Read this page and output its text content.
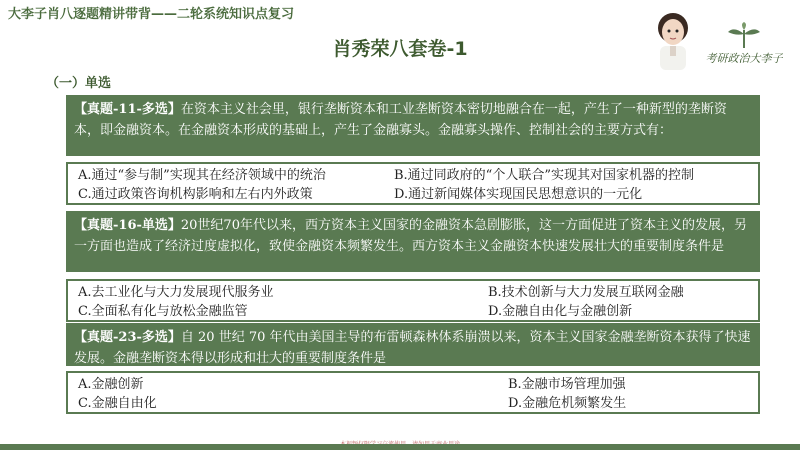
大李子肖八逐题精讲带背——二轮系统知识点复习
肖秀荣八套卷-1
（一）单选
考研政治大李子
【真题-11-多选】在资本主义社会里，银行垄断资本和工业垄断资本密切地融合在一起，产生了一种新型的垄断资本，即金融资本。在金融资本形成的基础上，产生了金融寡头。金融寡头操作、控制社会的主要方式有：
A.通过“参与制”实现其在经济领域中的统治	B.通过同政府的“个人联合”实现其对国家机器的控制
C.通过政策咨询机构影响和左右内外政策	D.通过新闻媒体实现国民思想意识的一元化
【真题-16-单选】20世纪70年代以来，西方资本主义国家的金融资本急剧膨胀，这一方面促进了资本主义的发展，另一方面也造成了经济过度虚拟化，致使金融资本频繁发生。西方资本主义金融资本快速发展壮大的重要制度条件是
A.去工业化与大力发展现代服务业	B.技术创新与大力发展互联网金融
C.全面私有化与放松金融监管	D.金融自由化与金融创新
【真题-23-多选】自 20 世纪 70 年代由美国主导的布雷顿森林体系崩溃以来，资本主义国家金融垄断资本获得了快速发展。金融垄断资本得以形成和壮大的重要制度条件是
A.金融创新	B.金融市场管理加强
C.金融自由化	D.金融危机频繁发生
